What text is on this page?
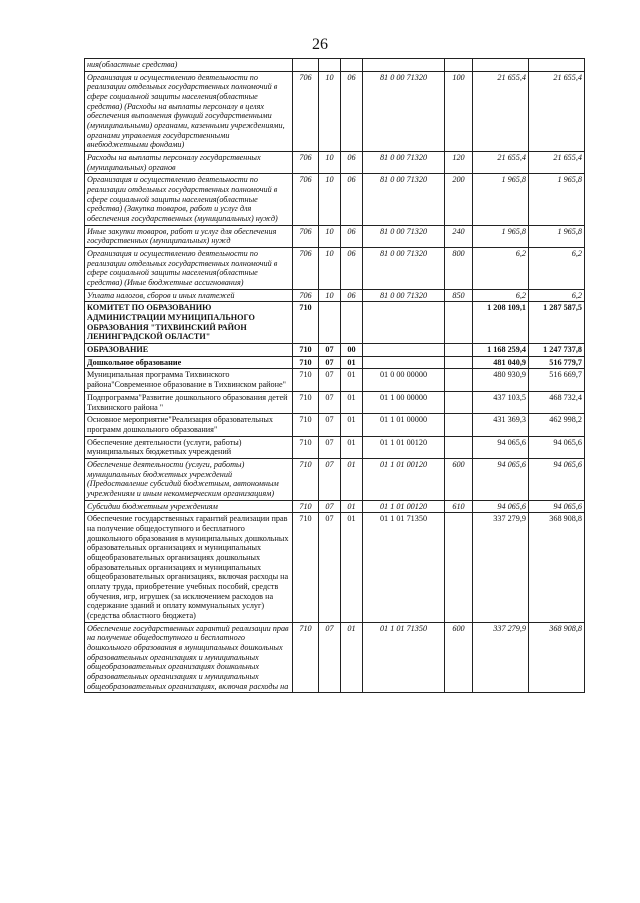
26
ния(областные средства)							
Организация и осуществлению деятельности по реализации отдельных государственных полномочий в сфере социальной защиты населения(областные средства) (Расходы на выплаты персоналу в целях обеспечения выполнения функций государственными (муниципальными) органами, казенными учреждениями, органами управления государственными внебюджетными фондами)	706	10	06	81 0 00 71320	100	21 655,4	21 655,4
Расходы на выплаты персоналу государственных (муниципальных) органов	706	10	06	81 0 00 71320	120	21 655,4	21 655,4
Организация и осуществлению деятельности по реализации отдельных государственных полномочий в сфере социальной защиты населения(областные средства) (Закупка товаров, работ и услуг для обеспечения государственных (муниципальных) нужд)	706	10	06	81 0 00 71320	200	1 965,8	1 965,8
Иные закупки товаров, работ и услуг для обеспечения государственных (муниципальных) нужд	706	10	06	81 0 00 71320	240	1 965,8	1 965,8
Организация и осуществлению деятельности по реализации отдельных государственных полномочий в сфере социальной защиты населения(областные средства) (Иные бюджетные ассигнования)	706	10	06	81 0 00 71320	800	6,2	6,2
Уплата налогов, сборов и иных платежей	706	10	06	81 0 00 71320	850	6,2	6,2
КОМИТЕТ ПО ОБРАЗОВАНИЮ АДМИНИСТРАЦИИ МУНИЦИПАЛЬНОГО ОБРАЗОВАНИЯ "ТИХВИНСКИЙ РАЙОН ЛЕНИНГРАДСКОЙ ОБЛАСТИ"	710					1 208 109,1	1 287 587,5
ОБРАЗОВАНИЕ	710	07	00			1 168 259,4	1 247 737,8
Дошкольное образование	710	07	01			481 040,9	516 779,7
Муниципальная программа Тихвинского района"Современное образование в Тихвинском районе"	710	07	01	01 0 00 00000		480 930,9	516 669,7
Подпрограмма"Развитие дошкольного образования детей Тихвинского района "	710	07	01	01 1 00 00000		437 103,5	468 732,4
Основное мероприятие"Реализация образовательных программ дошкольного образования"	710	07	01	01 1 01 00000		431 369,3	462 998,2
Обеспечение деятельности (услуги, работы) муниципальных бюджетных учреждений	710	07	01	01 1 01 00120		94 065,6	94 065,6
Обеспечение деятельности (услуги, работы) муниципальных бюджетных учреждений (Предоставление субсидий бюджетным, автономным учреждениям и иным некоммерческим организациям)	710	07	01	01 1 01 00120	600	94 065,6	94 065,6
Субсидии бюджетным учреждениям	710	07	01	01 1 01 00120	610	94 065,6	94 065,6
Обеспечение государственных гарантий реализации прав на получение общедоступного и бесплатного дошкольного образования в муниципальных дошкольных образовательных организациях и муниципальных общеобразовательных организациях дошкольных образовательных организациях и муниципальных общеобразовательных организациях, включая расходы на оплату труда, приобретение учебных пособий, средств обучения, игр, игрушек (за исключением расходов на содержание зданий и оплату коммунальных услуг)(средства областного бюджета)	710	07	01	01 1 01 71350		337 279,9	368 908,8
Обеспечение государственных гарантий реализации прав на получение общедоступного и бесплатного дошкольного образования в муниципальных дошкольных образовательных организациях и муниципальных общеобразовательных организациях дошкольных образовательных организациях и муниципальных общеобразовательных организациях, включая расходы на	710	07	01	01 1 01 71350	600	337 279,9	368 908,8
